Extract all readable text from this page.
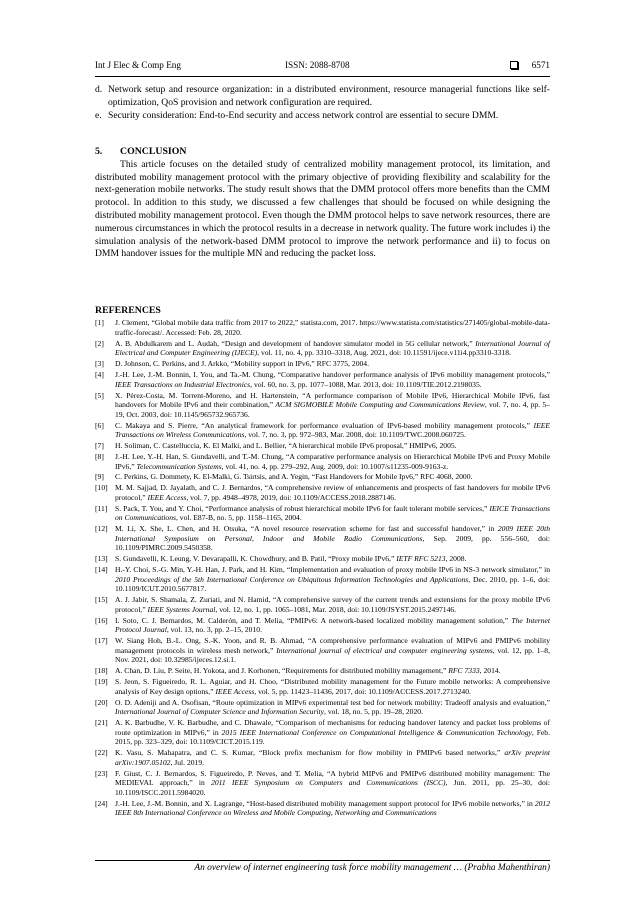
Int J Elec & Comp Eng	ISSN: 2088-8708	6571
d. Network setup and resource organization: in a distributed environment, resource managerial functions like self-optimization, QoS provision and network configuration are required.
e. Security consideration: End-to-End security and access network control are essential to secure DMM.
5.	CONCLUSION

This article focuses on the detailed study of centralized mobility management protocol, its limitation, and distributed mobility management protocol with the primary objective of providing flexibility and scalability for the next-generation mobile networks. The study result shows that the DMM protocol offers more benefits than the CMM protocol. In addition to this study, we discussed a few challenges that should be focused on while designing the distributed mobility management protocol. Even though the DMM protocol helps to save network resources, there are numerous circumstances in which the protocol results in a decrease in network quality. The future work includes i) the simulation analysis of the network-based DMM protocol to improve the network performance and ii) to focus on DMM handover issues for the multiple MN and reducing the packet loss.

REFERENCES
[1]	J. Clement, “Global mobile data traffic from 2017 to 2022,” statista.com, 2017. https://www.statista.com/statistics/271405/global-mobile-data-traffic-forecast/. Accessed: Feb. 28, 2020.
[2]	A. B. Abdulkarem and L. Audah, “Design and development of handover simulator model in 5G cellular network,” International Journal of Electrical and Computer Engineering (IJECE), vol. 11, no. 4, pp. 3310–3318, Aug. 2021, doi: 10.11591/ijece.v11i4.pp3310-3318.
[3]	D. Johnson, C. Perkins, and J. Arkko, “Mobility support in IPv6,” RFC 3775, 2004.
[4]	J.-H. Lee, J.-M. Bonnin, I. You, and Ta.-M. Chung, “Comparative handover performance analysis of IPv6 mobility management protocols,” IEEE Transactions on Industrial Electronics, vol. 60, no. 3, pp. 1077–1088, Mar. 2013, doi: 10.1109/TIE.2012.2198035.
[5]	X. Pérez-Costa, M. Torrent-Moreno, and H. Hartenstein, “A performance comparison of Mobile IPv6, Hierarchical Mobile IPv6, fast handovers for Mobile IPv6 and their combination,” ACM SIGMOBILE Mobile Computing and Communications Review, vol. 7, no. 4, pp. 5–19, Oct. 2003, doi: 10.1145/965732.965736.
[6]	C. Makaya and S. Pierre, “An analytical framework for performance evaluation of IPv6-based mobility management protocols,” IEEE Transactions on Wireless Communications, vol. 7, no. 3, pp. 972–983, Mar. 2008, doi: 10.1109/TWC.2008.060725.
[7]	H. Soliman, C. Castelluccia, K. El Malki, and L. Bellier, “A hierarchical mobile IPv6 proposal,” HMIPv6, 2005.
[8]	J.-H. Lee, Y.-H. Han, S. Gundavelli, and T.-M. Chung, “A comparative performance analysis on Hierarchical Mobile IPv6 and Proxy Mobile IPv6,” Telecommunication Systems, vol. 41, no. 4, pp. 279–292, Aug. 2009, doi: 10.1007/s11235-009-9163-z.
[9]	C. Perkins, G. Dommety, K. El-Malki, G. Tsirtsis, and A. Yegin, “Fast Handovers for Mobile Ipv6,” RFC 4068, 2000.
[10] M. M. Sajjad, D. Jayalath, and C. J. Bernardos, “A comprehensive review of enhancements and prospects of fast handovers for mobile IPv6 protocol,” IEEE Access, vol. 7, pp. 4948–4978, 2019, doi: 10.1109/ACCESS.2018.2887146.
[11]	S. Pack, T. You, and Y. Choi, “Performance analysis of robust hierarchical mobile IPv6 for fault tolerant mobile services,” IEICE Transactions on Communications, vol. E87-B, no. 5, pp. 1158–1165, 2004.
[12] M. Li, X. She, L. Chen, and H. Otsuka, “A novel resource reservation scheme for fast and successful handover,” in 2009 IEEE 20th International Symposium on Personal, Indoor and Mobile Radio Communications, Sep. 2009, pp. 556–560, doi: 10.1109/PIMRC.2009.5450358.
[13] S. Gundavelli, K. Leung, V. Devarapalli, K. Chowdhury, and B. Patil, “Proxy mobile IPv6,” IETF RFC 5213, 2008.
[14] H.-Y. Choi, S.-G. Min, Y.-H. Han, J. Park, and H. Kim, “Implementation and evaluation of proxy mobile IPv6 in NS-3 network simulator,” in 2010 Proceedings of the 5th International Conference on Ubiquitous Information Technologies and Applications, Dec. 2010, pp. 1–6, doi: 10.1109/ICUT.2010.5677817.
[15] A. J. Jabir, S. Shamala, Z. Zuriati, and N. Hamid, “A comprehensive survey of the current trends and extensions for the proxy mobile IPv6 protocol,” IEEE Systems Journal, vol. 12, no. 1, pp. 1065–1081, Mar. 2018, doi: 10.1109/JSYST.2015.2497146.
[16] I. Soto, C. J. Bernardos, M. Calderón, and T. Melia, “PMIPv6: A network-based localized mobility management solution,” The Internet Protocol Journal, vol. 13, no. 3, pp. 2–15, 2010.
[17] W. Siang Hoh, B.-L. Ong, S.-K. Yoon, and R. B. Ahmad, “A comprehensive performance evaluation of MIPv6 and PMIPv6 mobility management protocols in wireless mesh network,” International journal of electrical and computer engineering systems, vol. 12, pp. 1–8, Nov. 2021, doi: 10.32985/ijeces.12.si.1.
[18] A. Chan, D. Liu, P. Seite, H. Yokota, and J. Korhonen, “Requirements for distributed mobility management,” RFC 7333, 2014.
[19] S. Jeon, S. Figueiredo, R. L. Aguiar, and H. Choo, “Distributed mobility management for the Future mobile networks: A comprehensive analysis of Key design options,” IEEE Access, vol. 5, pp. 11423–11436, 2017, doi: 10.1109/ACCESS.2017.2713240.
[20] O. D. Adeniji and A. Osofisan, “Route optimization in MIPv6 experimental test bed for network mobility: Tradeoff analysis and evaluation,” International Journal of Computer Science and Information Security, vol. 18, no. 5, pp. 19–28, 2020.
[21] A. K. Barbudhe, V. K. Barbudhe, and C. Dhawale, “Comparison of mechanisms for reducing handover latency and packet loss problems of route optimization in MIPv6,” in 2015 IEEE International Conference on Computational Intelligence & Communication Technology, Feb. 2015, pp. 323–329, doi: 10.1109/CICT.2015.119.
[22] K. Vasu, S. Mahapatra, and C. S. Kumar, “Block prefix mechanism for flow mobility in PMIPv6 based networks,” arXiv preprint arXiv:1907.05102, Jul. 2019.
[23] F. Giust, C. J. Bernardos, S. Figueiredo, P. Neves, and T. Melia, “A hybrid MIPv6 and PMIPv6 distributed mobility management: The MEDIEVAL approach,” in 2011 IEEE Symposium on Computers and Communications (ISCC), Jun. 2011, pp. 25–30, doi: 10.1109/ISCC.2011.5984020.
[24] J.-H. Lee, J.-M. Bonnin, and X. Lagrange, “Host-based distributed mobility management support protocol for IPv6 mobile networks,” in 2012 IEEE 8th International Conference on Wireless and Mobile Computing, Networking and Communications
An overview of internet engineering task force mobility management … (Prabha Mahenthiran)
